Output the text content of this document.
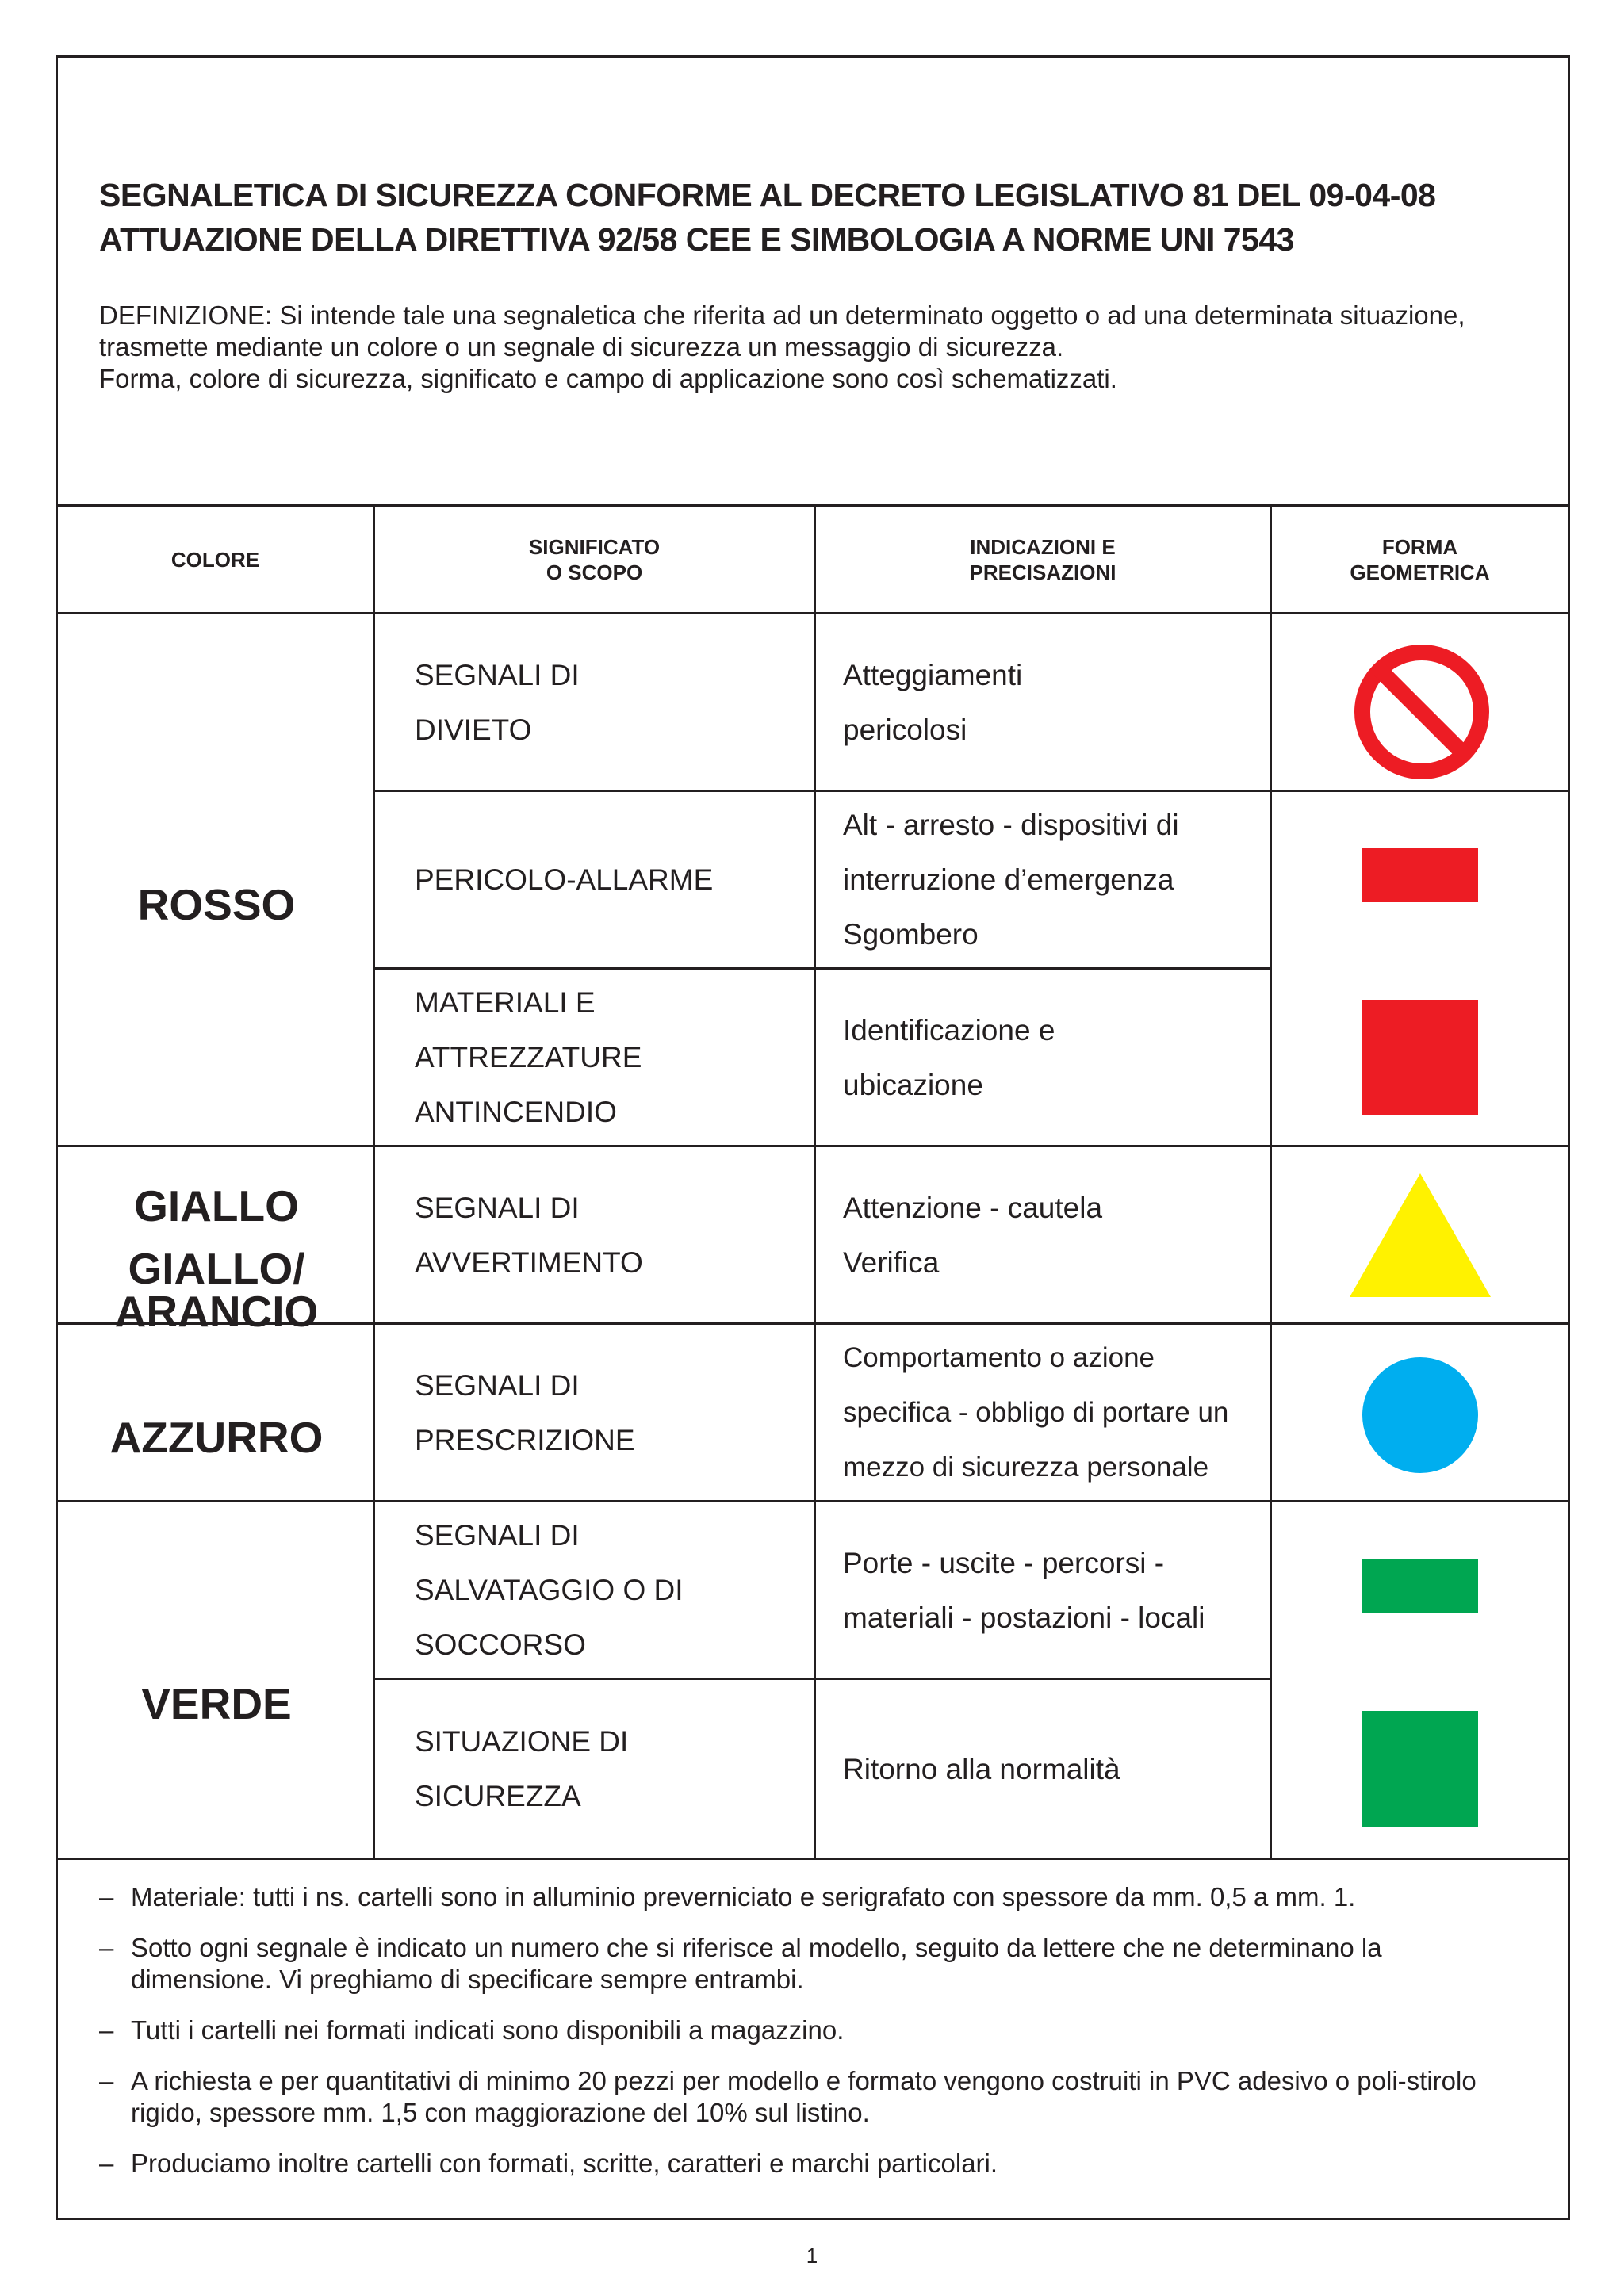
SEGNALETICA DI SICUREZZA CONFORME AL DECRETO LEGISLATIVO 81 DEL 09-04-08
ATTUAZIONE DELLA DIRETTIVA 92/58 CEE E SIMBOLOGIA A NORME UNI 7543
DEFINIZIONE: Si intende tale una segnaletica che riferita ad un determinato oggetto o ad una determinata situazione,
trasmette mediante un colore o un segnale di sicurezza un messaggio di sicurezza.
Forma, colore di sicurezza, significato e campo di applicazione sono così schematizzati.
COLORE
SIGNIFICATO
O SCOPO
INDICAZIONI E
PRECISAZIONI
FORMA
GEOMETRICA
ROSSO
GIALLO
GIALLO/
ARANCIO
AZZURRO
VERDE
SEGNALI DI
DIVIETO
PERICOLO-ALLARME
MATERIALI E
ATTREZZATURE
ANTINCENDIO
SEGNALI DI
AVVERTIMENTO
SEGNALI DI
PRESCRIZIONE
SEGNALI DI
SALVATAGGIO O DI
SOCCORSO
SITUAZIONE DI
SICUREZZA
Atteggiamenti
pericolosi
Alt - arresto - dispositivi di
interruzione d’emergenza
Sgombero
Identificazione e
ubicazione
Attenzione - cautela
Verifica
Comportamento o azione
specifica - obbligo di portare un
mezzo di sicurezza personale
Porte - uscite - percorsi -
materiali - postazioni - locali
Ritorno alla normalità
– Materiale: tutti i ns. cartelli sono in alluminio preverniciato e serigrafato con spessore da mm. 0,5 a mm. 1.
– Sotto ogni segnale è indicato un numero che si riferisce al modello, seguito da lettere che ne determinano la dimensione. Vi preghiamo di specificare sempre entrambi.
– Tutti i cartelli nei formati indicati sono disponibili a magazzino.
– A richiesta e per quantitativi di minimo 20 pezzi per modello e formato vengono costruiti in PVC adesivo o poli-stirolo rigido, spessore mm. 1,5 con maggiorazione del 10% sul listino.
– Produciamo inoltre cartelli con formati, scritte, caratteri e marchi particolari.
1
